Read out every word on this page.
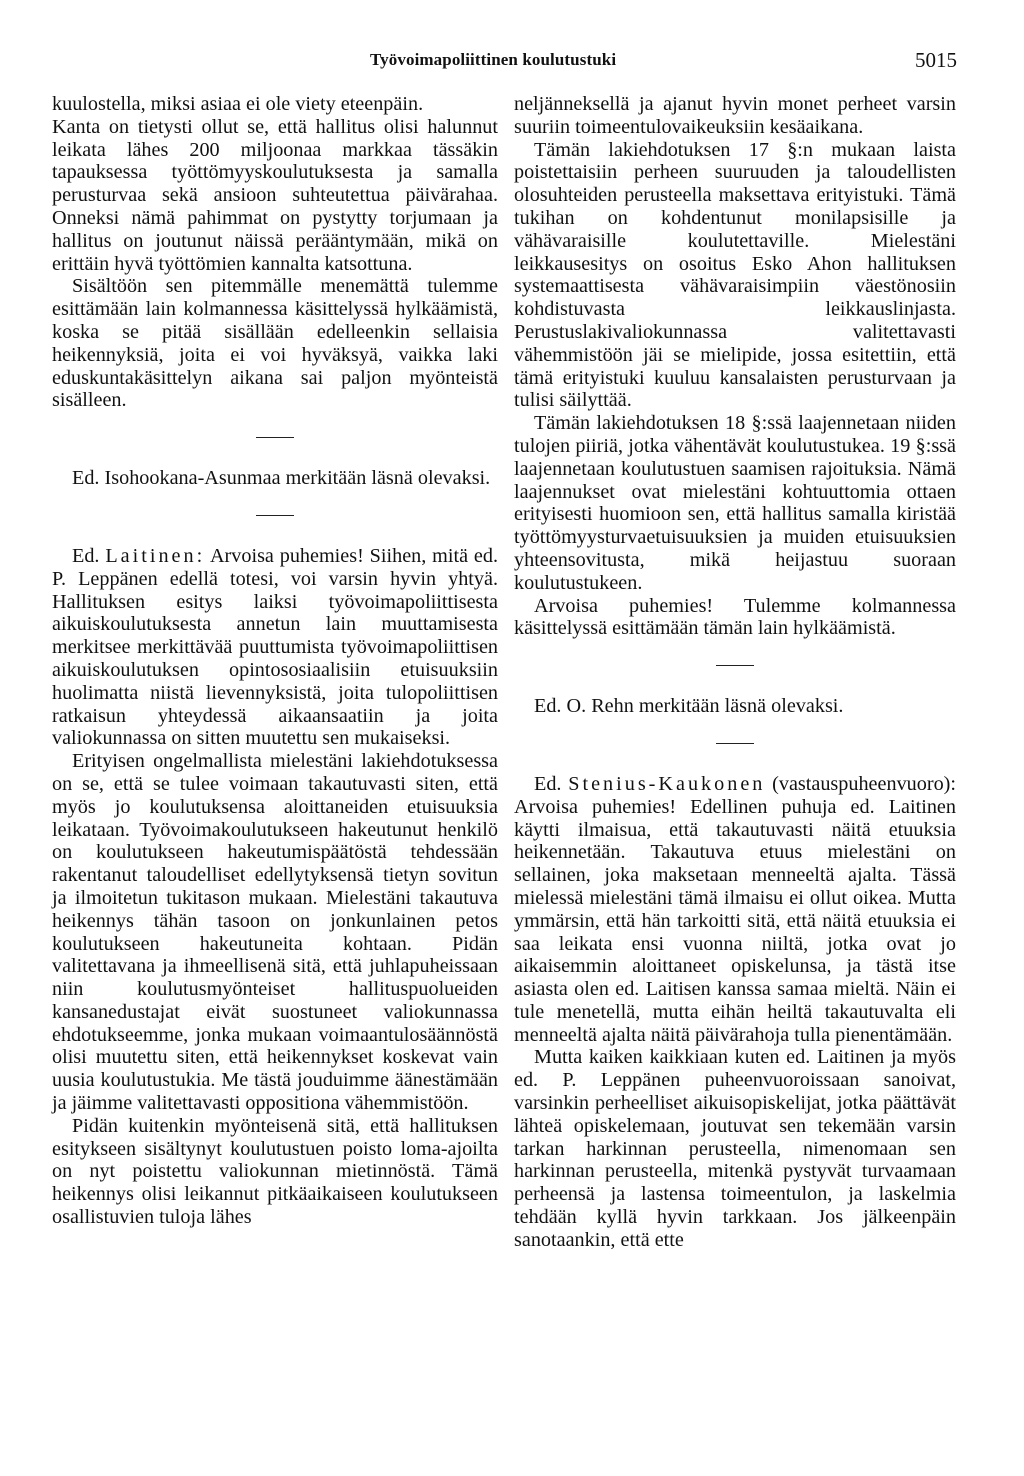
Työvoimapoliittinen koulutustuki	5015

kuulostella, miksi asiaa ei ole viety eteenpäin.

Kanta on tietysti ollut se, että hallitus olisi halunnut leikata lähes 200 miljoonaa markkaa tässäkin tapauksessa työttömyyskoulutuksesta ja samalla perusturvaa sekä ansioon suhteutettua päivärahaa. Onneksi nämä pahimmat on pystytty torjumaan ja hallitus on joutunut näissä perääntymään, mikä on erittäin hyvä työttömien kannalta katsottuna.

Sisältöön sen pitemmälle menemättä tulemme esittämään lain kolmannessa käsittelyssä hylkäämistä, koska se pitää sisällään edelleenkin sellaisia heikennyksiä, joita ei voi hyväksyä, vaikka laki eduskuntakäsittelyn aikana sai paljon myönteistä sisälleen.

Ed. Isohookana-Asunmaa merkitään läsnä olevaksi.

Ed. Laitinen: Arvoisa puhemies! Siihen, mitä ed. P. Leppänen edellä totesi, voi varsin hyvin yhtyä. Hallituksen esitys laiksi työvoimapoliittisesta aikuiskoulutuksesta annetun lain muuttamisesta merkitsee merkittävää puuttumista työvoimapoliittisen aikuiskoulutuksen opintososiaalisiin etuisuuksiin huolimatta niistä lievennyksistä, joita tulopoliittisen ratkaisun yhteydessä aikaansaatiin ja joita valiokunnassa on sitten muutettu sen mukaiseksi.

Erityisen ongelmallista mielestäni lakiehdotuksessa on se, että se tulee voimaan takautuvasti siten, että myös jo koulutuksensa aloittaneiden etuisuuksia leikataan. Työvoimakoulutukseen hakeutunut henkilö on koulutukseen hakeutumispäätöstä tehdessään rakentanut taloudelliset edellytyksensä tietyn sovitun ja ilmoitetun tukitason mukaan. Mielestäni takautuva heikennys tähän tasoon on jonkunlainen petos koulutukseen hakeutuneita kohtaan. Pidän valitettavana ja ihmeellisenä sitä, että juhlapuheissaan niin koulutusmyönteiset hallituspuolueiden kansanedustajat eivät suostuneet valiokunnassa ehdotukseemme, jonka mukaan voimaantulosäännöstä olisi muutettu siten, että heikennykset koskevat vain uusia koulutustukia. Me tästä jouduimme äänestämään ja jäimme valitettavasti oppositiona vähemmistöön.

Pidän kuitenkin myönteisenä sitä, että hallituksen esitykseen sisältynyt koulutustuen poisto loma-ajoilta on nyt poistettu valiokunnan mietinnöstä. Tämä heikennys olisi leikannut pitkäaikaiseen koulutukseen osallistuvien tuloja lähes

neljänneksellä ja ajanut hyvin monet perheet varsin suuriin toimeentulovaikeuksiin kesäaikana.

Tämän lakiehdotuksen 17 §:n mukaan laista poistettaisiin perheen suuruuden ja taloudellisten olosuhteiden perusteella maksettava erityistuki. Tämä tukihan on kohdentunut monilapsisille ja vähävaraisille koulutettaville. Mielestäni leikkausesitys on osoitus Esko Ahon hallituksen systemaattisesta vähävaraisimpiin väestönosiin kohdistuvasta leikkauslinjasta. Perustuslakivaliokunnassa valitettavasti vähemmistöön jäi se mielipide, jossa esitettiin, että tämä erityistuki kuuluu kansalaisten perusturvaan ja tulisi säilyttää.

Tämän lakiehdotuksen 18 §:ssä laajennetaan niiden tulojen piiriä, jotka vähentävät koulutustukea. 19 §:ssä laajennetaan koulutustuen saamisen rajoituksia. Nämä laajennukset ovat mielestäni kohtuuttomia ottaen erityisesti huomioon sen, että hallitus samalla kiristää työttömyysturvaetuisuuksien ja muiden etuisuuksien yhteensovitusta, mikä heijastuu suoraan koulutustukeen.

Arvoisa puhemies! Tulemme kolmannessa käsittelyssä esittämään tämän lain hylkäämistä.

Ed. O. Rehn merkitään läsnä olevaksi.

Ed. Stenius-Kaukonen (vastauspuheenvuoro): Arvoisa puhemies! Edellinen puhuja ed. Laitinen käytti ilmaisua, että takautuvasti näitä etuuksia heikennetään. Takautuva etuus mielestäni on sellainen, joka maksetaan menneeltä ajalta. Tässä mielessä mielestäni tämä ilmaisu ei ollut oikea. Mutta ymmärsin, että hän tarkoitti sitä, että näitä etuuksia ei saa leikata ensi vuonna niiltä, jotka ovat jo aikaisemmin aloittaneet opiskelunsa, ja tästä itse asiasta olen ed. Laitisen kanssa samaa mieltä. Näin ei tule menetellä, mutta eihän heiltä takautuvalta eli menneeltä ajalta näitä päivärahoja tulla pienentämään.

Mutta kaiken kaikkiaan kuten ed. Laitinen ja myös ed. P. Leppänen puheenvuoroissaan sanoivat, varsinkin perheelliset aikuisopiskelijat, jotka päättävät lähteä opiskelemaan, joutuvat sen tekemään varsin tarkan harkinnan perusteella, nimenomaan sen harkinnan perusteella, mitenkä pystyvät turvaamaan perheensä ja lastensa toimeentulon, ja laskelmia tehdään kyllä hyvin tarkkaan. Jos jälkeenpäin sanotaankin, että ette
